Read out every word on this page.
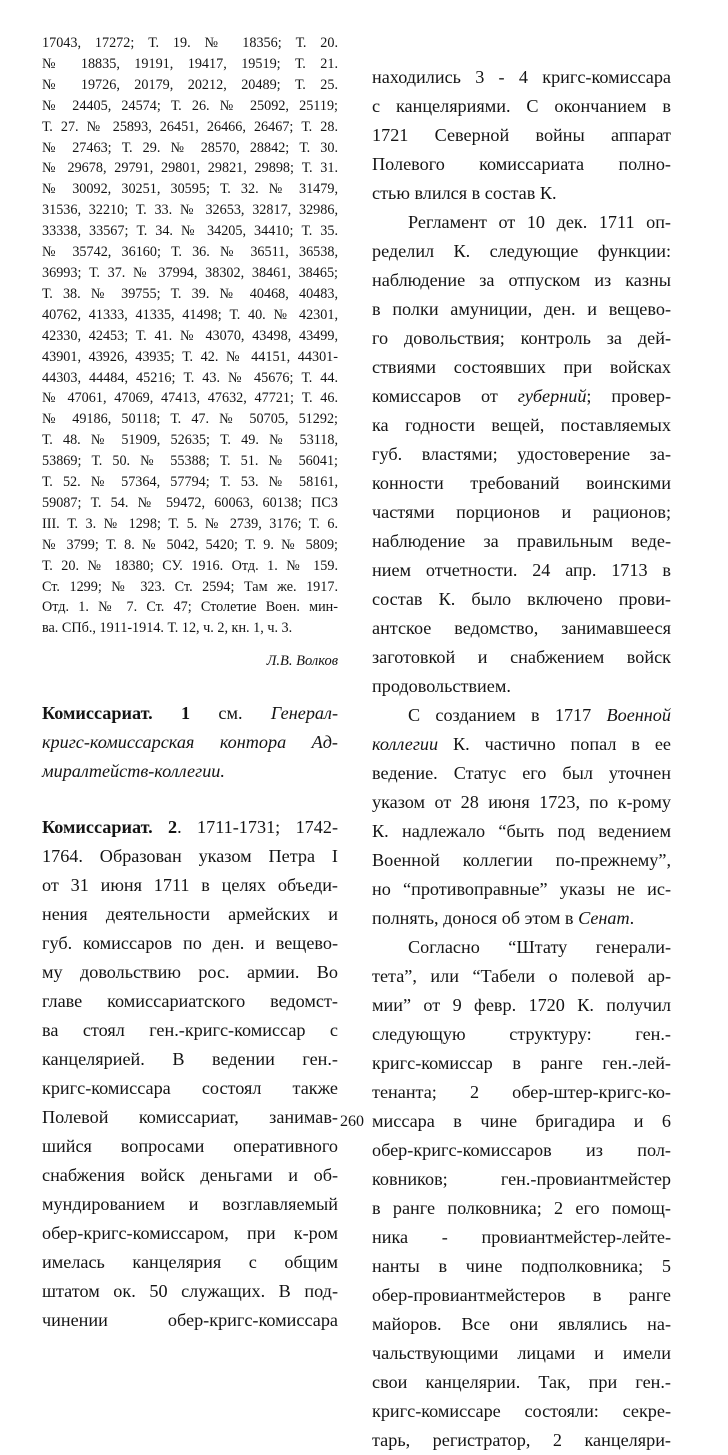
17043, 17272; Т. 19. № 18356; Т. 20.
№ 18835, 19191, 19417, 19519; Т. 21.
№ 19726, 20179, 20212, 20489; Т. 25.
№ 24405, 24574; Т. 26. № 25092, 25119;
Т. 27. № 25893, 26451, 26466, 26467; Т. 28.
№ 27463; Т. 29. № 28570, 28842; Т. 30.
№ 29678, 29791, 29801, 29821, 29898; Т. 31.
№ 30092, 30251, 30595; Т. 32. № 31479,
31536, 32210; Т. 33. № 32653, 32817, 32986,
33338, 33567; Т. 34. № 34205, 34410; Т. 35.
№ 35742, 36160; Т. 36. № 36511, 36538,
36993; Т. 37. № 37994, 38302, 38461, 38465;
Т. 38. № 39755; Т. 39. № 40468, 40483,
40762, 41333, 41335, 41498; Т. 40. № 42301,
42330, 42453; Т. 41. № 43070, 43498, 43499,
43901, 43926, 43935; Т. 42. № 44151, 44301-
44303, 44484, 45216; Т. 43. № 45676; Т. 44.
№ 47061, 47069, 47413, 47632, 47721; Т. 46.
№ 49186, 50118; Т. 47. № 50705, 51292;
Т. 48. № 51909, 52635; Т. 49. № 53118,
53869; Т. 50. № 55388; Т. 51. № 56041;
Т. 52. № 57364, 57794; Т. 53. № 58161,
59087; Т. 54. № 59472, 60063, 60138; ПСЗ
III. Т. 3. № 1298; Т. 5. № 2739, 3176; Т. 6.
№ 3799; Т. 8. № 5042, 5420; Т. 9. № 5809;
Т. 20. № 18380; СУ. 1916. Отд. 1. № 159.
Ст. 1299; № 323. Ст. 2594; Там же. 1917.
Отд. 1. № 7. Ст. 47; Столетие Воен. мин-
ва. СПб., 1911-1914. Т. 12, ч. 2, кн. 1, ч. 3.

Л.В. Волков

Комиссариат. 1 см. Генерал-
кригс-комиссарская контора Ад-
миралтейств-коллегии.
Комиссариат. 2. 1711-1731; 1742-
1764. Образован указом Петра I
от 31 июня 1711 в целях объеди-
нения деятельности армейских и
губ. комиссаров по ден. и вещево-
му довольствию рос. армии. Во
главе комиссариатского ведомст-
ва стоял ген.-кригс-комиссар с
канцелярией. В ведении ген.-
кригс-комиссара состоял также
Полевой комиссариат, занимав-
шийся вопросами оперативного
снабжения войск деньгами и об-
мундированием и возглавляемый
обер-кригс-комиссаром, при к-ром
имелась канцелярия с общим
штатом ок. 50 служащих. В под-
чинении обер-кригс-комиссара
находились 3 - 4 кригс-комиссара
с канцеляриями. С окончанием в
1721 Северной войны аппарат
Полевого комиссариата полно-
стью влился в состав К.
Регламент от 10 дек. 1711 оп-
ределил К. следующие функции:
наблюдение за отпуском из казны
в полки амуниции, ден. и вещево-
го довольствия; контроль за дей-
ствиями состоявших при войсках
комиссаров от губерний; провер-
ка годности вещей, поставляемых
губ. властями; удостоверение за-
конности требований воинскими
частями порционов и рационов;
наблюдение за правильным веде-
нием отчетности. 24 апр. 1713 в
состав К. было включено прови-
антское ведомство, занимавшееся
заготовкой и снабжением войск
продовольствием.
С созданием в 1717 Военной
коллегии К. частично попал в ее
ведение. Статус его был уточнен
указом от 28 июня 1723, по к-рому
К. надлежало “быть под ведением
Военной коллегии по-прежнему”,
но “противоправные” указы не ис-
полнять, донося об этом в Сенат.
Согласно “Штату генерали-
тета”, или “Табели о полевой ар-
мии” от 9 февр. 1720 К. получил
следующую структуру: ген.-
кригс-комиссар в ранге ген.-лей-
тенанта; 2 обер-штер-кригс-ко-
миссара в чине бригадира и 6
обер-кригс-комиссаров из пол-
ковников; ген.-провиантмейстер
в ранге полковника; 2 его помощ-
ника - провиантмейстер-лейте-
нанты в чине подполковника; 5
обер-провиантмейстеров в ранге
майоров. Все они являлись на-
чальствующими лицами и имели
свои канцелярии. Так, при ген.-
кригс-комиссаре состояли: секре-
тарь, регистратор, 2 канцеляри-
260
